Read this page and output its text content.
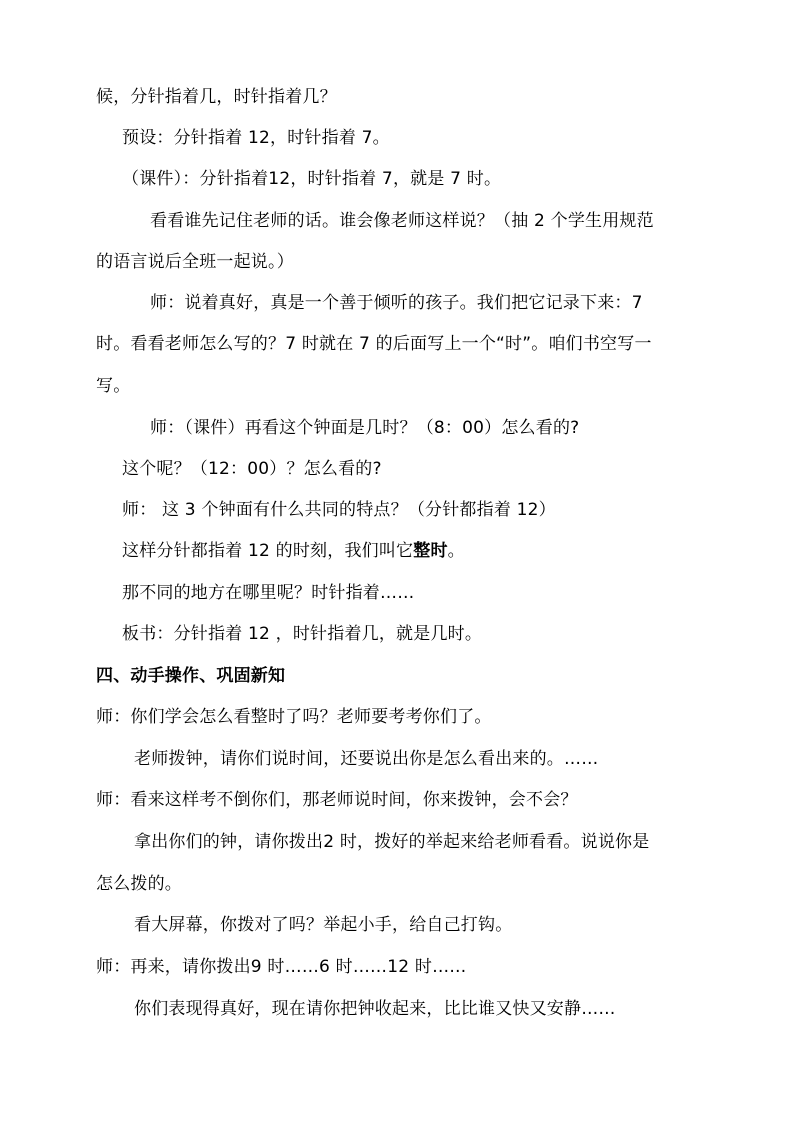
候，分针指着几，时针指着几？
预设：分针指着 12，时针指着 7。
（课件）：分针指着12，时针指着 7，就是 7 时。
看看谁先记住老师的话。谁会像老师这样说？（抽 2 个学生用规范
的语言说后全班一起说。）
师：说着真好，真是一个善于倾听的孩子。我们把它记录下来：7
时。看看老师怎么写的？7 时就在 7 的后面写上一个“时”。咱们书空写一
写。
师：（课件）再看这个钟面是几时？（8：00）怎么看的?
这个呢？（12：00）？怎么看的?
师： 这 3 个钟面有什么共同的特点？（分针都指着 12）
这样分针都指着 12 的时刻，我们叫它整时。
那不同的地方在哪里呢？时针指着……
板书：分针指着 12 ，时针指着几，就是几时。
四、动手操作、巩固新知
师：你们学会怎么看整时了吗？老师要考考你们了。
老师拨钟，请你们说时间，还要说出你是怎么看出来的。……
师：看来这样考不倒你们，那老师说时间，你来拨钟，会不会？
拿出你们的钟，请你拨出2 时，拨好的举起来给老师看看。说说你是
怎么拨的。
看大屏幕，你拨对了吗？举起小手，给自己打钩。
师：再来，请你拨出9 时……6 时……12 时……
你们表现得真好，现在请你把钟收起来，比比谁又快又安静……
